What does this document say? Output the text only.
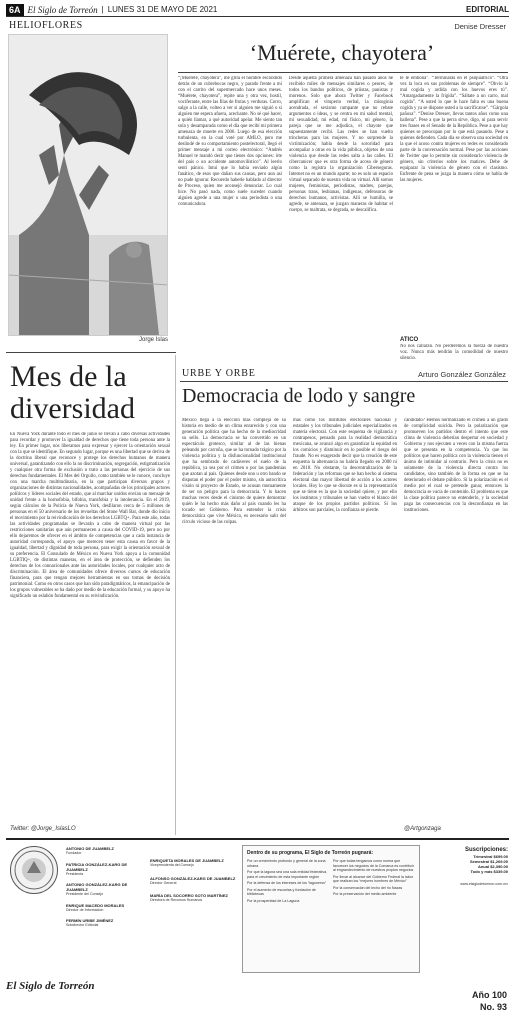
6A El Siglo de Torreón | LUNES 31 DE MAYO DE 2021	EDITORIAL
HELIOFLORES	Denise Dresser
Jorge Islas
‘Muérete, chayotera’
“¡Muérete, chayotera”, me grita el hombre escondido detrás de un cubrebocas negro, y parado frente a mí con el carrito del supermercado hace unos meses. “Muérete, chayotera”, repite una y otra vez, hostil, vociferante, entre las filas de frutas y verduras. Corro, salgo a la calle, volteo a ver si alguien me siguió o si alguien me espera afuera, acechante. No sé qué hacer, a quién llamar, a qué autoridad apelar. Me siento tan sola y desamparada como el día que recibí mi primera amenaza de muerte en 2006. Luego de esa elección turbulenta, en la cual voté por AMLO, pero me deslindé de su comportamiento postelectoral, llegó el primer mensaje a mi correo electrónico: “Andrés Manuel te mandó decir que tienes dos opciones: irte del país o un accidente automovilístico”. Al leerlo sentí pánico. Intuí que lo había enviado algún fanático, de esos que dañan sus causas, pero aun así no pude ignorar. Recuerdo haberle hablado al director de Proceso, quien me aconsejó denunciar. Lo cual hice. No pasó nada, como suele suceder cuando alguien agrede a una mujer o una periodista o una comunicadora.
Desde aquella primera amenaza han pasado años he recibido miles de mensajes similares o peores, de todos los bandos políticos, de priistas, panistas y morenos. Solo que ahora Twitter y Facebook amplifican el vituperio verbal, la misoginia acendrada, el sexismo rampante que no rebate argumentos o ideas, y se centra en mi salud mental, mi sexualidad, mi edad, mi físico, mi género, la pareja que se me adjudica, el chayote que supuestamente recibí. Las redes se han vuelto trincheras para las mujeres. Y no sorprende la victimización; habla desde la sororidad para acompañar a otras en la vida pública, objetos de una violencia que desde las redes salta a las calles. El cibercanicer que es otra forma de acoso de género como la registra la organización Ciberseguras. Internet no es un mundo aparte; no es solo un espacio virtual separado de nuestra vida no virtual. Allí somos mujeres, feministas, periodistas, madres, parejas, personas trans, lesbianas, indígenas, defensoras de derechos humanos, activistas. Allí se humilla, se agrede, se amenaza, se juzgan maneras de habitar el cuerpo, se maltrata, se degrada, se descalifica.
te le embona”. “Terminarás en el psiquiátrico”. “Otra vez la loca en sus problemas de siempre”. “Obvio la mal cogida y ardida con los huevos eres tú”. “Amargadamente la frígida”. “Sáltate a un carro, mal cogida”. “A usted lo que le hace falta es una buena cogida y ya se dispone usted a la sacrificarse”. “Gárgola pañosa”. “Denise Dresser, llevas tantos años como una ballena”. Pese a que la perra sirve, digo, ni para servir tres frases en el Senado de la República. Pese a que hay quienes se preocupan por lo que está pasando. Pese a quienes defienden. Cada día se observa una sociedad en la que el acoso contra mujeres en redes es considerado parte de la conversación normal. Pese por las acciones de Twitter que lo permite sin considerarlo violencia de género, sin criterios sobre los matices. Debe de equiparar la violencia de género con el clasismo. Enfrente de pena se juzga la manera cómo se habla de las mujeres.
ATICO
No nos callarán. No perderemos la fuerza de nuestra voz. Nunca más tendrán la comodidad de nuestro silencio.
Mes de la
diversidad
En Nueva York durante todo el mes de junio se llevan a cabo diversas actividades para recordar y promover la igualdad de derechos que tiene toda persona ante la ley. En primer lugar, nos liberamos para expresar y ejercer la orientación sexual con la que se identifique. En segundo lugar, porque es una libertad que se deriva de la doctrina liberal que reconoce y protege los derechos humanos de manera universal, garantizando con ello la no discriminación, segregación, estigmatización y cualquier otra forma de exclusión o trato a las personas del ejercicio de sus derechos fundamentales. El Mes del Orgullo, como también se le conoce, concluye con una marcha multitudinaria, en la que participan diversos grupos y organizaciones de distintas nacionalidades, acompañadas de los principales actores políticos y líderes sociales del estado, que al marchar unidos envían un mensaje de unidad frente a la homofobia, bifobia, transfobia y la intolerancia. En el 2019, según cálculos de la Policía de Nueva York, desfilaron cerca de 5 millones de personas en el 50 aniversario de los revueltas del Stone Wall Bar, donde dio inicio el movimiento por la reivindicación de los derechos LGBTQ+. Para este año, todas las actividades programadas se llevarán a cabo de manera virtual por las restricciones sanitarias que aún permanecen a causa del COVID-19, pero no por ello dejaremos de ofrecer en el ámbito de competencias que a cada instancia de autoridad corresponda, el apoyo que merecen tener esta causa en favor de la igualdad, libertad y dignidad de toda persona, para exigir la orientación sexual de su preferencia. El Consulado de México en Nueva York apoya a la comunidad LGBTIQ+, de distintas maneras, en el área de protección, se defienden los derechos de los connacionales ante las autoridades locales, por cualquier acto de discriminación. El área de comunidades ofrece diversos cursos de educación financiera, para que tengan mejores herramientas en sus tomas de decisión patrimonial. Como en otros casos que han sido paradigmáticos, la emancipación de los grupos vulnerables se ha dado por medio de la educación formal, y su apoyo ha significado un eslabón fundamental en su reivindicación.
Twitter: @Jorge_IslasLO
URBE Y ORBE	Arturo González González
Democracia de lodo y sangre
México llega a la elección más compleja de su historia en medio de un clima enrarecido y con una generación política que ha hecho de la mediocridad su sello. La democracia se ha convertido en un espectáculo grotesco, similar al de las hienas peleando por carroña, que se ha tornado trágico por la violencia política y la disfuncionalidad institucional que ha sembrado de cadáveres el suelo de la república, ya sea por el crimen o por las pandemias que azotan al país. Quienes desde uno u otro bando se disputan el poder por el poder mismo, sin autocrítica visión ni proyecto de Estado, se acusan mutuamente de ser un peligro para la democracia. Y lo hacen muchas veces desde el cinismo de quiere demostrar quién le ha hecho más daño al país cuando les ha tocado ser Gobierno. Para entender la crisis democrática que vive México, es necesario salir del círculo vicioso de las culpas.
mas como los institutos electorales nacional y estatales y los tribunales judiciales especializados en materia electoral. Con este esquema de vigilancia y contrapesos, pensado para la realidad democrática mexicana, se avanzó algo en garantizar la equidad en los comicios y disminuir en lo posible el riesgo del fraude. No es exagerado decir que la creación de este esquema la alternancia no habría llegado en 2000 ni en 2018. No obstante, la descentralización de la federación y las reformas que se han hecho al sistema electoral dan mayor libertad de acción a los actores locales. Hoy lo que se discute es si la representación que se tiene es la que la sociedad quiere, y por ello los institutos y tribunales se han vuelto el blanco del ataque de los propios partidos políticos. Si los árbitros son parciales, la confianza se pierde.
candidato? Hemos normalizado el crimen a un grado de complicidad suicida. Pero la polarización que promueven los partidos dentro el intento que este clima de violencia deberían despertar en sociedad y Gobierno y nos ejecuten a veces con la misma fuerza que se presenta en la competencia. Ya que los políticos que hacen política con la violencia tienen el ánimo de intimidar al contrario. Pero la crisis no es solamente de la violencia directa contra los candidatos, sino también de la forma en que se ha deteriorado el debate público. Si la polarización es el medio por el cual se pretende ganar, entonces la democracia se vacía de contenido. El problema es que la clase política parece no entenderlo, y la sociedad paga las consecuencias con la desconfianza en las instituciones.
@Artgonzaga
El Siglo de Torreón
ANTONIO DE JUAMBELZ
Fundador
PATRICIA GONZÁLEZ-KARG DE JUAMBELZ
Presidenta
ANTONIO GONZÁLEZ-KARG DE JUAMBELZ
Presidente del Consejo
ENRIQUE MACEDO MORALES
Director de Información
FERMÍN URIBE JIMÉNEZ
Subdirector Editorial
ENRIQUETA MORALES DE JUAMBELZ
Vicepresidenta del Consejo
ALFONSO GONZÁLEZ-KARG DE JUAMBELZ
Director General
MARÍA DEL SOCORRO SOTO MARTÍNEZ
Directora de Recursos Humanos
Dentro de su programa, El Siglo de Torreón pugnará:
Por un crecimiento profundo y general de la zona urbana
Por que la laguna sea una sola entidad federativa, para el crecimiento de esta importante región
Por la defensa de los intereses de los “laguneros”
Por el aumento de escuelas y fundación de bibliotecas
Por la prosperidad de La Laguna
Por que todas tengamos como norma que favorecer los negocios de la Comarca es contribuir al engrandecimiento de nuestros propios negocios
Por llevar al alcance del Gobierno Federal la labor que realizan los “mejores hombres de México”
Por la conservación del lecho del río Nazas
Por la preservación del medio ambiente
Suscripciones:
Trimestral $699.00
Semestral $1,269.00
Anual $2,390.00
Todo y más $339.00
www.elsiglodetorreon.com.mx
Año 100
No. 93
